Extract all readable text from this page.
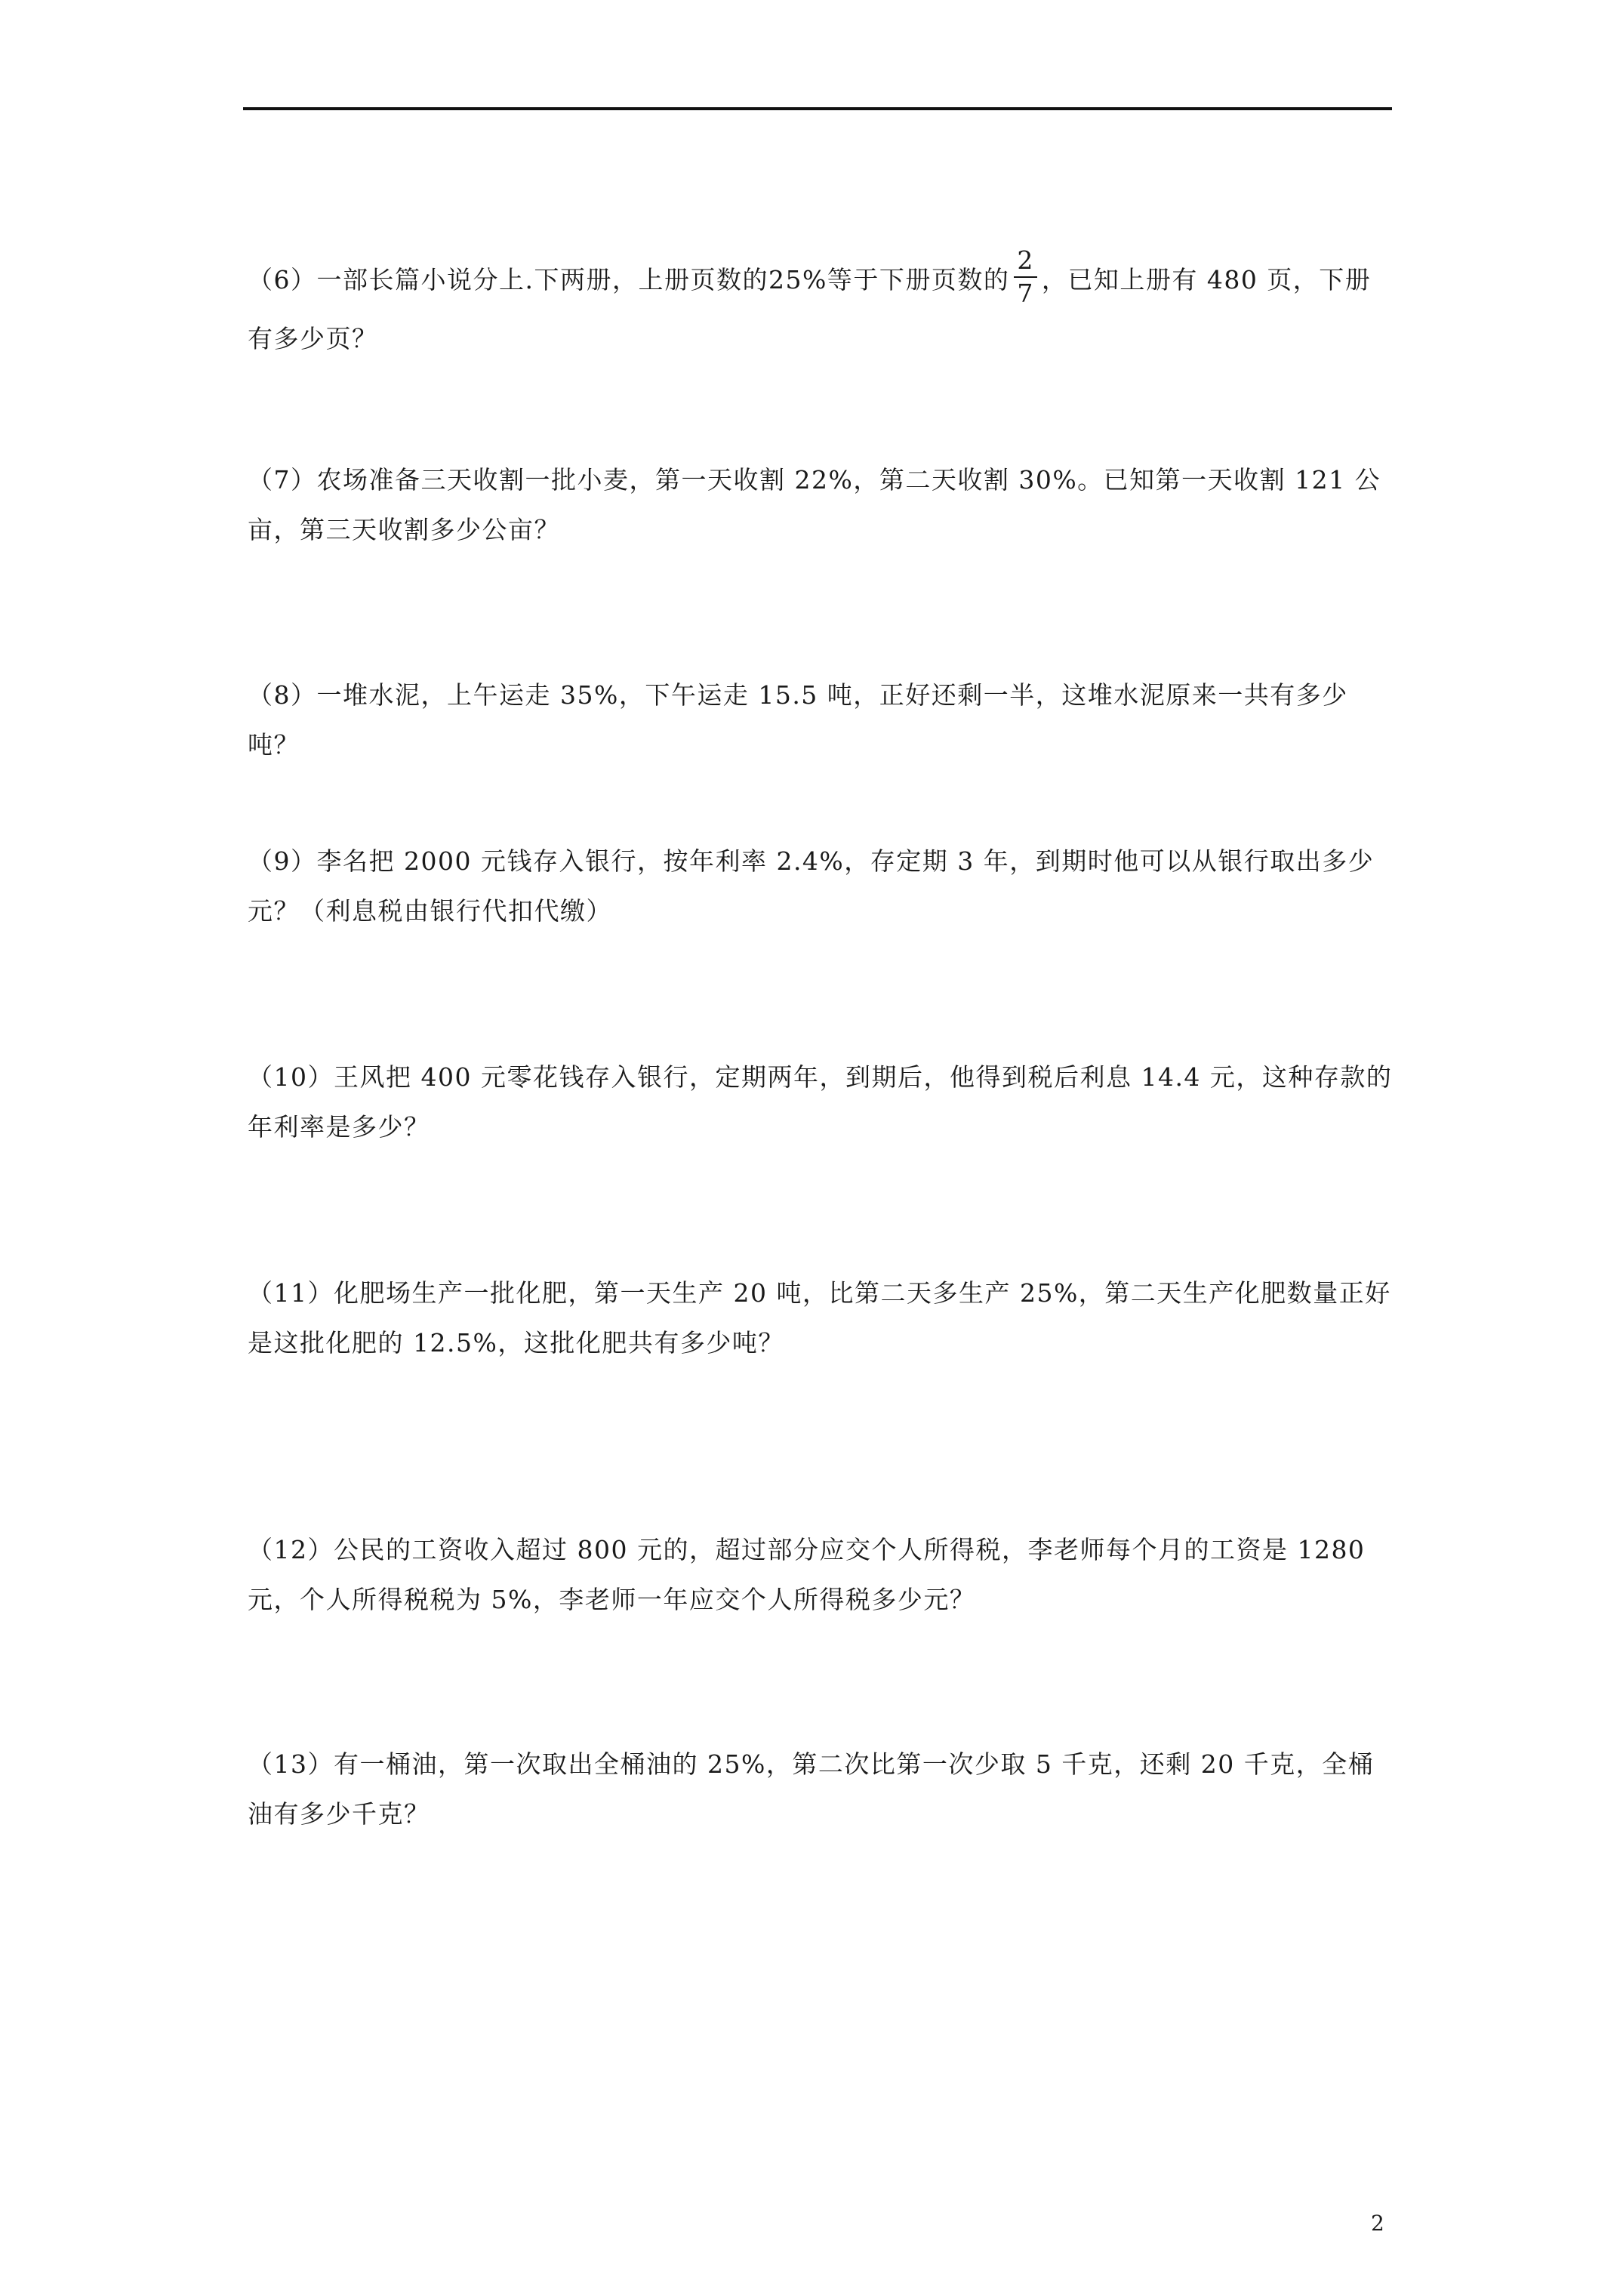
（6）一部长篇小说分上.下两册，上册页数的25%等于下册页数的 $\frac{2}{7}$ ，已知上册有 480 页，下册有多少页？
（7）农场准备三天收割一批小麦，第一天收割 22%，第二天收割 30%。已知第一天收割 121 公亩，第三天收割多少公亩？
（8）一堆水泥，上午运走 35%，下午运走 15.5 吨，正好还剩一半，这堆水泥原来一共有多少吨？
（9）李名把 2000 元钱存入银行，按年利率 2.4%，存定期 3 年，到期时他可以从银行取出多少元？（利息税由银行代扣代缴）
（10）王风把 400 元零花钱存入银行，定期两年，到期后，他得到税后利息 14.4 元，这种存款的年利率是多少？
（11）化肥场生产一批化肥，第一天生产 20 吨，比第二天多生产 25%，第二天生产化肥数量正好是这批化肥的 12.5%，这批化肥共有多少吨？
（12）公民的工资收入超过 800 元的，超过部分应交个人所得税，李老师每个月的工资是 1280 元，个人所得税税为 5%，李老师一年应交个人所得税多少元？
（13）有一桶油，第一次取出全桶油的 25%，第二次比第一次少取 5 千克，还剩 20 千克，全桶油有多少千克？
2
